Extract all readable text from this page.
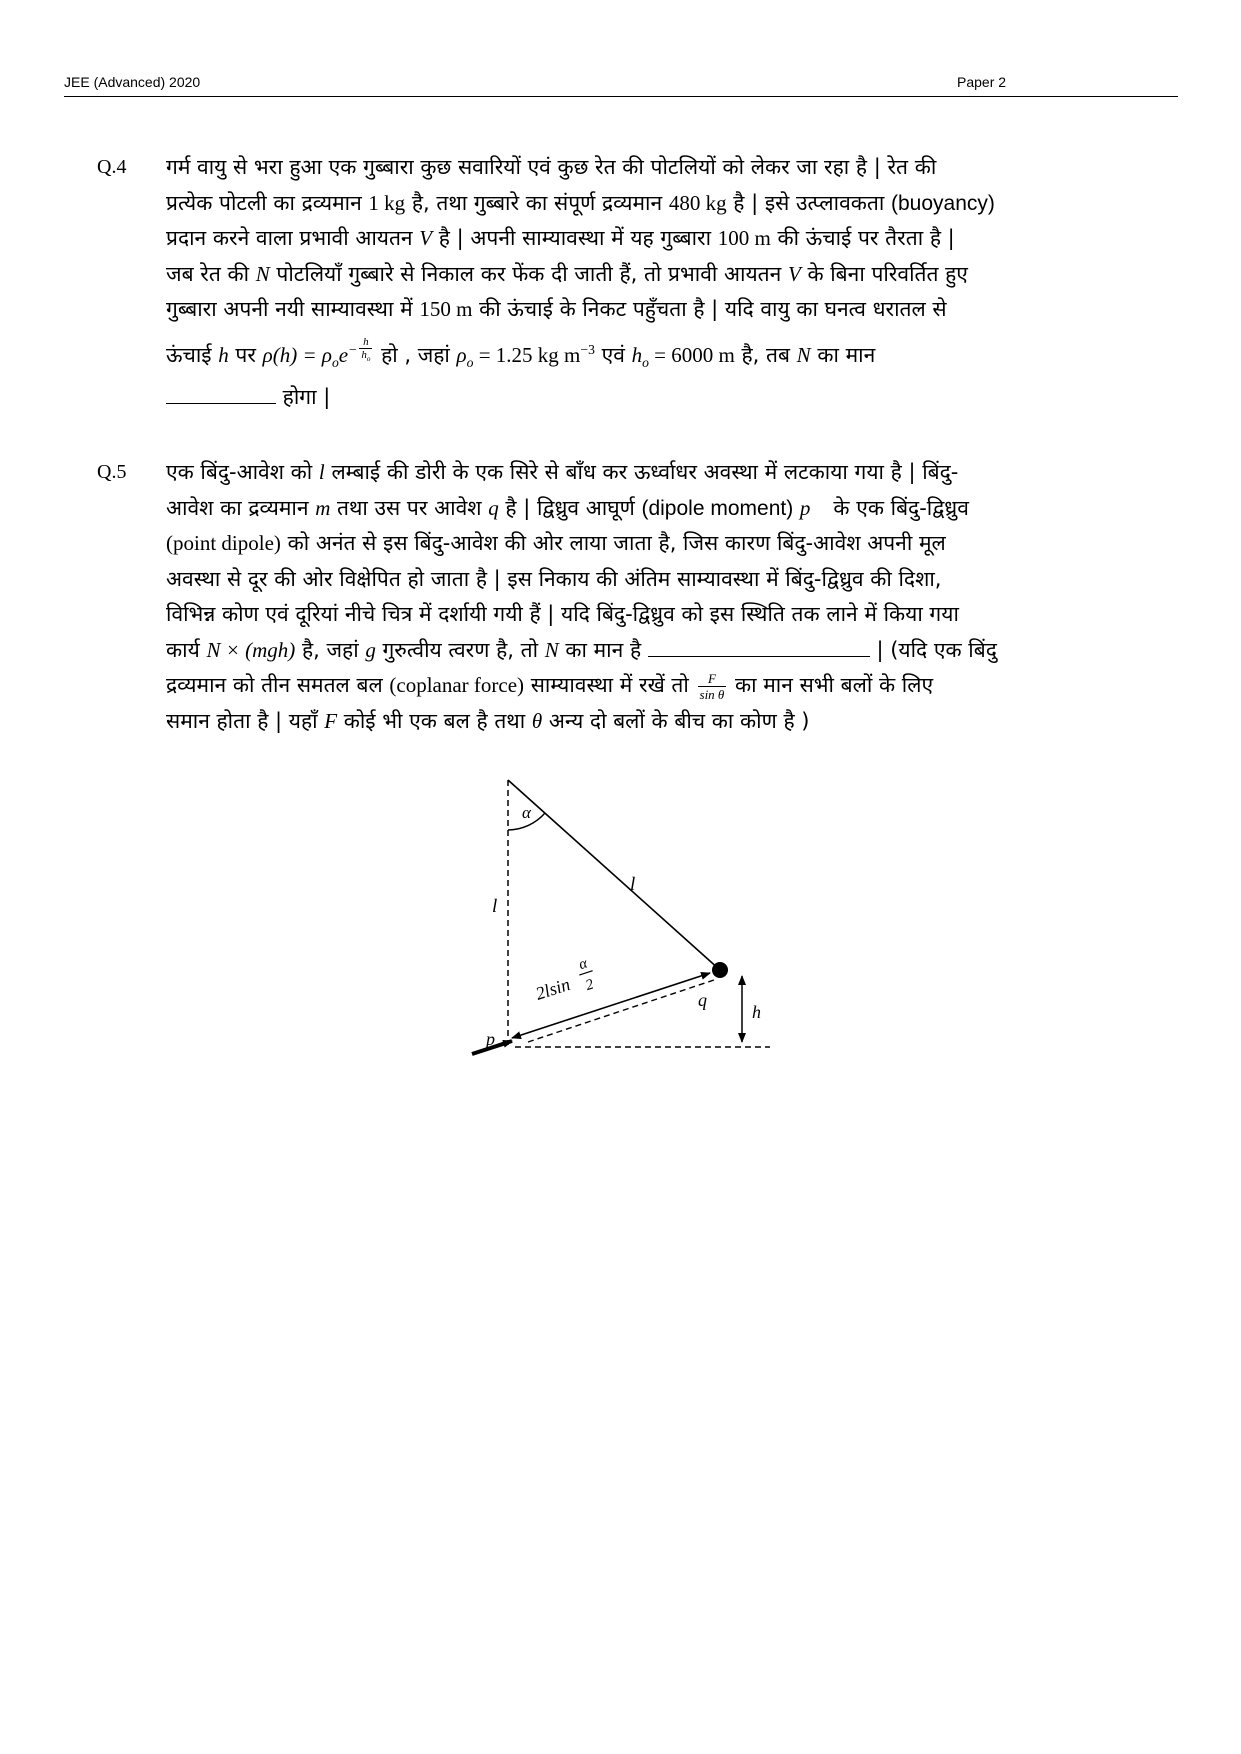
JEE (Advanced) 2020	Paper 2
Q.4 गर्म वायु से भरा हुआ एक गुब्बारा कुछ सवारियों एवं कुछ रेत की पोटलियों को लेकर जा रहा है | रेत की

प्रत्येक पोटली का द्रव्यमान 1 kg है, तथा गुब्बारे का संपूर्ण द्रव्यमान 480 kg है | इसे उत्प्लावकता (buoyancy)

प्रदान करने वाला प्रभावी आयतन V है | अपनी साम्यावस्था में यह गुब्बारा 100 m की ऊंचाई पर तैरता है |

जब रेत की N पोटलियाँ गुब्बारे से निकाल कर फेंक दी जाती हैं, तो प्रभावी आयतन V के बिना परिवर्तित हुए

गुब्बारा अपनी नयी साम्यावस्था में 150 m की ऊंचाई के निकट पहुँचता है | यदि वायु का घनत्व धरातल से

ऊंचाई h पर $\rho(h) = \rho_oe^{- \frac{h}{h_o}}$ हो , जहां $\rho_o = 1.25$ kg $m^{-3}$ एवं $h_o = 6000$ m है, तब N का मान

होगा |

Q.5 एक बिंदु-आवेश को l लम्बाई की डोरी के एक सिरे से बाँध कर ऊर्ध्वाधर अवस्था में लटकाया गया है | बिंदु-

आवेश का द्रव्यमान m तथा उस पर आवेश q है | द्विध्रुव आघूर्ण (dipole moment) p⃗ के एक बिंदु-द्विध्रुव

(point dipole) को अनंत से इस बिंदु-आवेश की ओर लाया जाता है, जिस कारण बिंदु-आवेश अपनी मूल

अवस्था से दूर की ओर विक्षेपित हो जाता है | इस निकाय की अंतिम साम्यावस्था में बिंदु-द्विध्रुव की दिशा,

विभिन्न कोण एवं दूरियां नीचे चित्र में दर्शायी गयी हैं | यदि बिंदु-द्विध्रुव को इस स्थिति तक लाने में किया गया

कार्य N × (mgh) है, जहां g गुरुत्वीय त्वरण है, तो N का मान है	| (यदि एक बिंदु

द्रव्यमान को तीन समतल बल (coplanar force) साम्यावस्था में रखें तो $\frac{F}{\text{sin θ}}$ का मान सभी बलों के लिए

समान होता है | यहाँ F कोई भी एक बल है तथा θ अन्य दो बलों के बीच का कोण है )

α
l
l
2lsin
α
2
q
h
p⃗
